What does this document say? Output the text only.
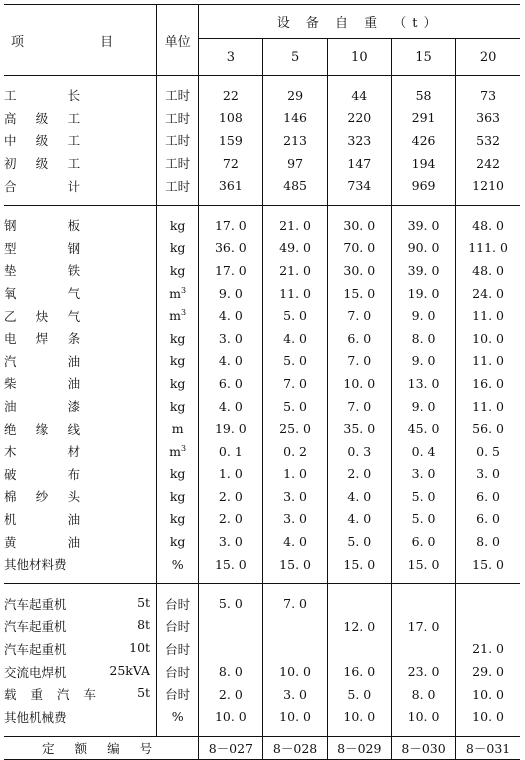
项 目	单位	设 备 自 重 （t）				
		3	5	10	15	20

工 长	工时	22	29	44	58	73

高 级 工	工时	108	146	220	291	363

中 级 工	工时	159	213	323	426	532

初 级 工	工时	72	97	147	194	242

合 计	工时	361	485	734	969	1210

钢 板	kg	17. 0	21. 0	30. 0	39. 0	48. 0

型 钢	kg	36. 0	49. 0	70. 0	90. 0	111. 0

垫 铁	kg	17. 0	21. 0	30. 0	39. 0	48. 0

氧 气	$m^3$	9. 0	11. 0	15. 0	19. 0	24. 0

乙 炔 气	$m^3$	4. 0	5. 0	7. 0	9. 0	11. 0

电 焊 条	kg	3. 0	4. 0	6. 0	8. 0	10. 0

汽 油	kg	4. 0	5. 0	7. 0	9. 0	11. 0

柴 油	kg	6. 0	7. 0	10. 0	13. 0	16. 0

油 漆	kg	4. 0	5. 0	7. 0	9. 0	11. 0

绝 缘 线	m	19. 0	25. 0	35. 0	45. 0	56. 0

木 材	$m^3$	0. 1	0. 2	0. 3	0. 4	0. 5

破 布	kg	1. 0	1. 0	2. 0	3. 0	3. 0

棉 纱 头	kg	2. 0	3. 0	4. 0	5. 0	6. 0

机 油	kg	2. 0	3. 0	4. 0	5. 0	6. 0

黄 油	kg	3. 0	4. 0	5. 0	6. 0	8. 0

其他材料费	%	15. 0	15. 0	15. 0	15. 0	15. 0

汽车起重机 5t	台时	5. 0	7. 0			

汽车起重机 8t	台时			12. 0	17. 0	

汽车起重机 10t	台时					21. 0

交流电焊机 25kVA	台时	8. 0	10. 0	16. 0	23. 0	29. 0

载 重 汽 车 5t	台时	2. 0	3. 0	5. 0	8. 0	10. 0

其他机械费	%	10. 0	10. 0	10. 0	10. 0	10. 0

定 额 编 号		8－027	8－028	8－029	8－030	8－031
